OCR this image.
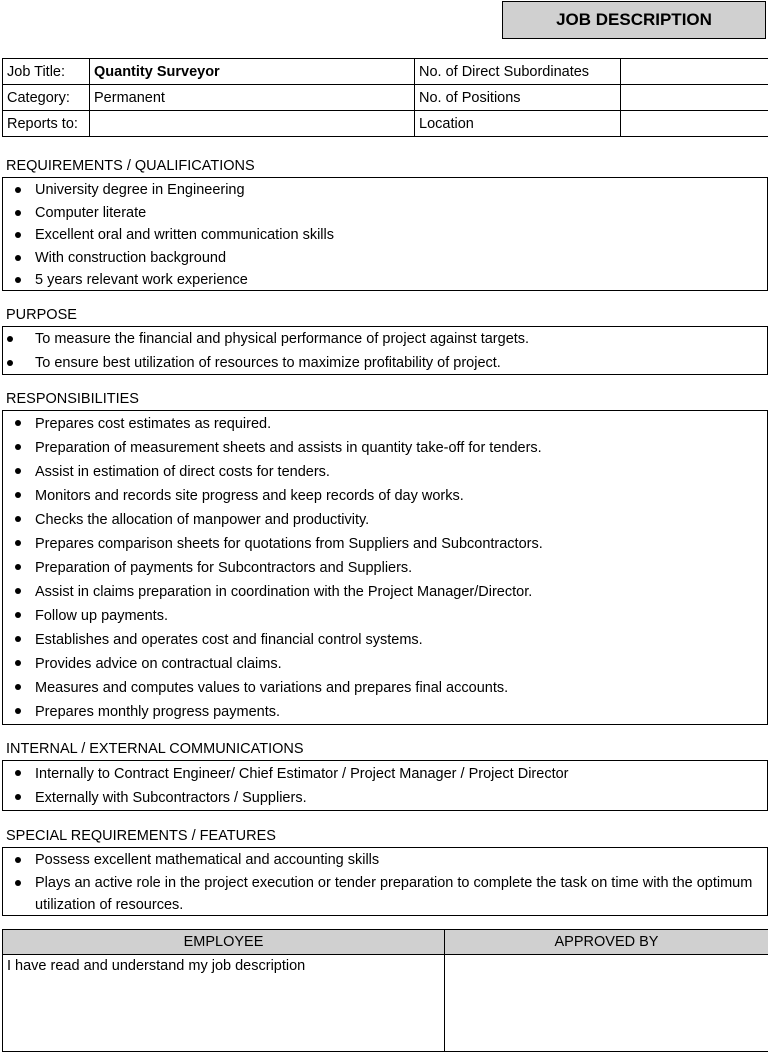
JOB DESCRIPTION
Job Title:	Quantity Surveyor	No. of Direct Subordinates	
Category:	Permanent	No. of Positions	
Reports to:		Location	
REQUIREMENTS / QUALIFICATIONS
University degree in Engineering
Computer literate
Excellent oral and written communication skills
With construction background
5 years relevant work experience
PURPOSE
To measure the financial and physical performance of project against targets.
To ensure best utilization of resources to maximize profitability of project.
RESPONSIBILITIES
Prepares cost estimates as required.
Preparation of measurement sheets and assists in quantity take-off for tenders.
Assist in estimation of direct costs for tenders.
Monitors and records site progress and keep records of day works.
Checks the allocation of manpower and productivity.
Prepares comparison sheets for quotations from Suppliers and Subcontractors.
Preparation of payments for Subcontractors and Suppliers.
Assist in claims preparation in coordination with the Project Manager/Director.
Follow up payments.
Establishes and operates cost and financial control systems.
Provides advice on contractual claims.
Measures and computes values to variations and prepares final accounts.
Prepares monthly progress payments.
INTERNAL / EXTERNAL COMMUNICATIONS
Internally to Contract Engineer/ Chief Estimator / Project Manager / Project Director
Externally with Subcontractors / Suppliers.
SPECIAL REQUIREMENTS / FEATURES
Possess excellent mathematical and accounting skills
Plays an active role in the project execution or tender preparation to complete the task on time with the optimum utilization of resources.
EMPLOYEE	APPROVED BY
I have read and understand my job description	
